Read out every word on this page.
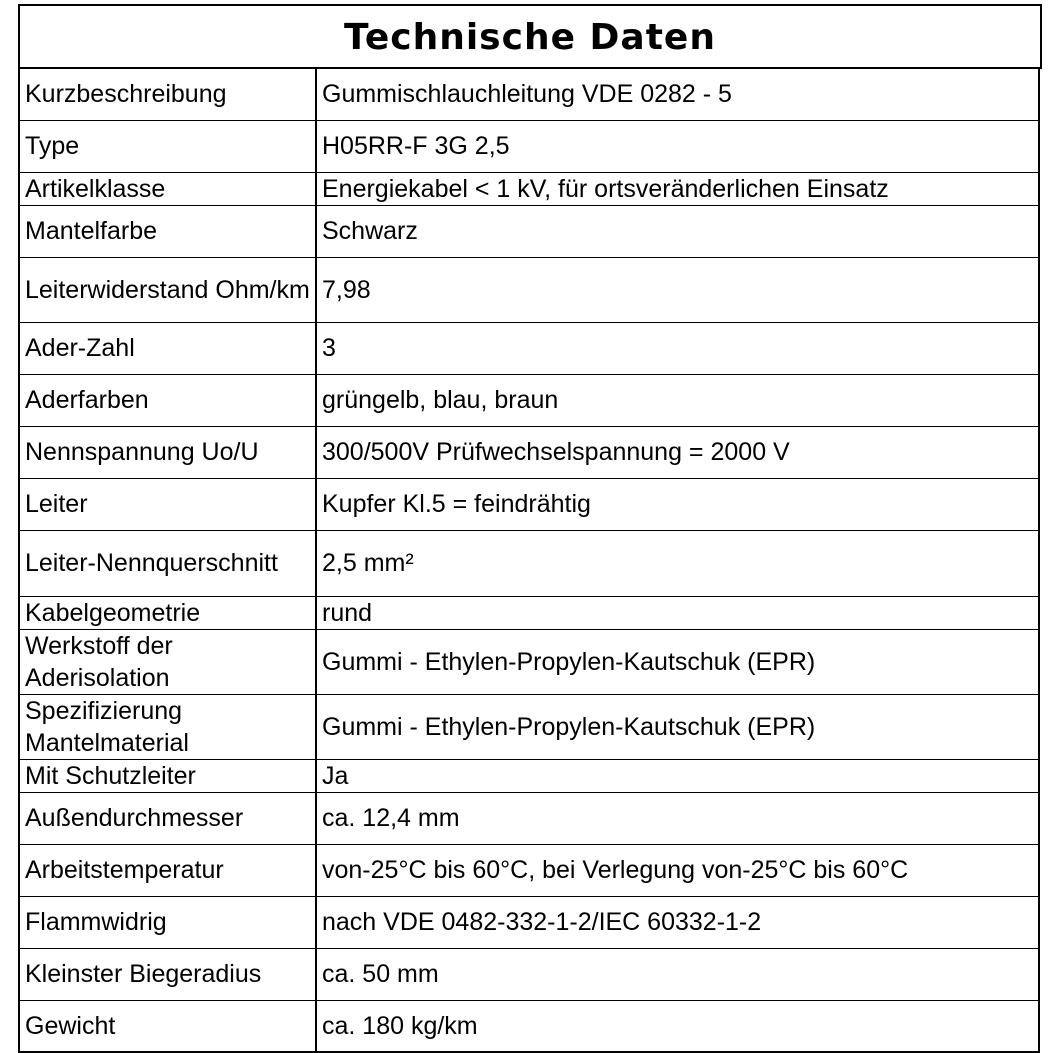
Technische Daten
Kurzbeschreibung	Gummischlauchleitung VDE 0282 - 5
Type	H05RR-F 3G 2,5
Artikelklasse	Energiekabel < 1 kV, für ortsveränderlichen Einsatz
Mantelfarbe	Schwarz
Leiterwiderstand Ohm/km	7,98
Ader-Zahl	3
Aderfarben	grüngelb, blau, braun
Nennspannung Uo/U	300/500V Prüfwechselspannung = 2000 V
Leiter	Kupfer Kl.5 = feindrähtig
Leiter-Nennquerschnitt	2,5 mm²
Kabelgeometrie	rund
Werkstoff der Aderisolation	Gummi - Ethylen-Propylen-Kautschuk (EPR)
Spezifizierung Mantelmaterial	Gummi - Ethylen-Propylen-Kautschuk (EPR)
Mit Schutzleiter	Ja
Außendurchmesser	ca. 12,4 mm
Arbeitstemperatur	von-25°C bis 60°C, bei Verlegung von-25°C bis 60°C
Flammwidrig	nach VDE 0482-332-1-2/IEC 60332-1-2
Kleinster Biegeradius	ca. 50 mm
Gewicht	ca. 180 kg/km
